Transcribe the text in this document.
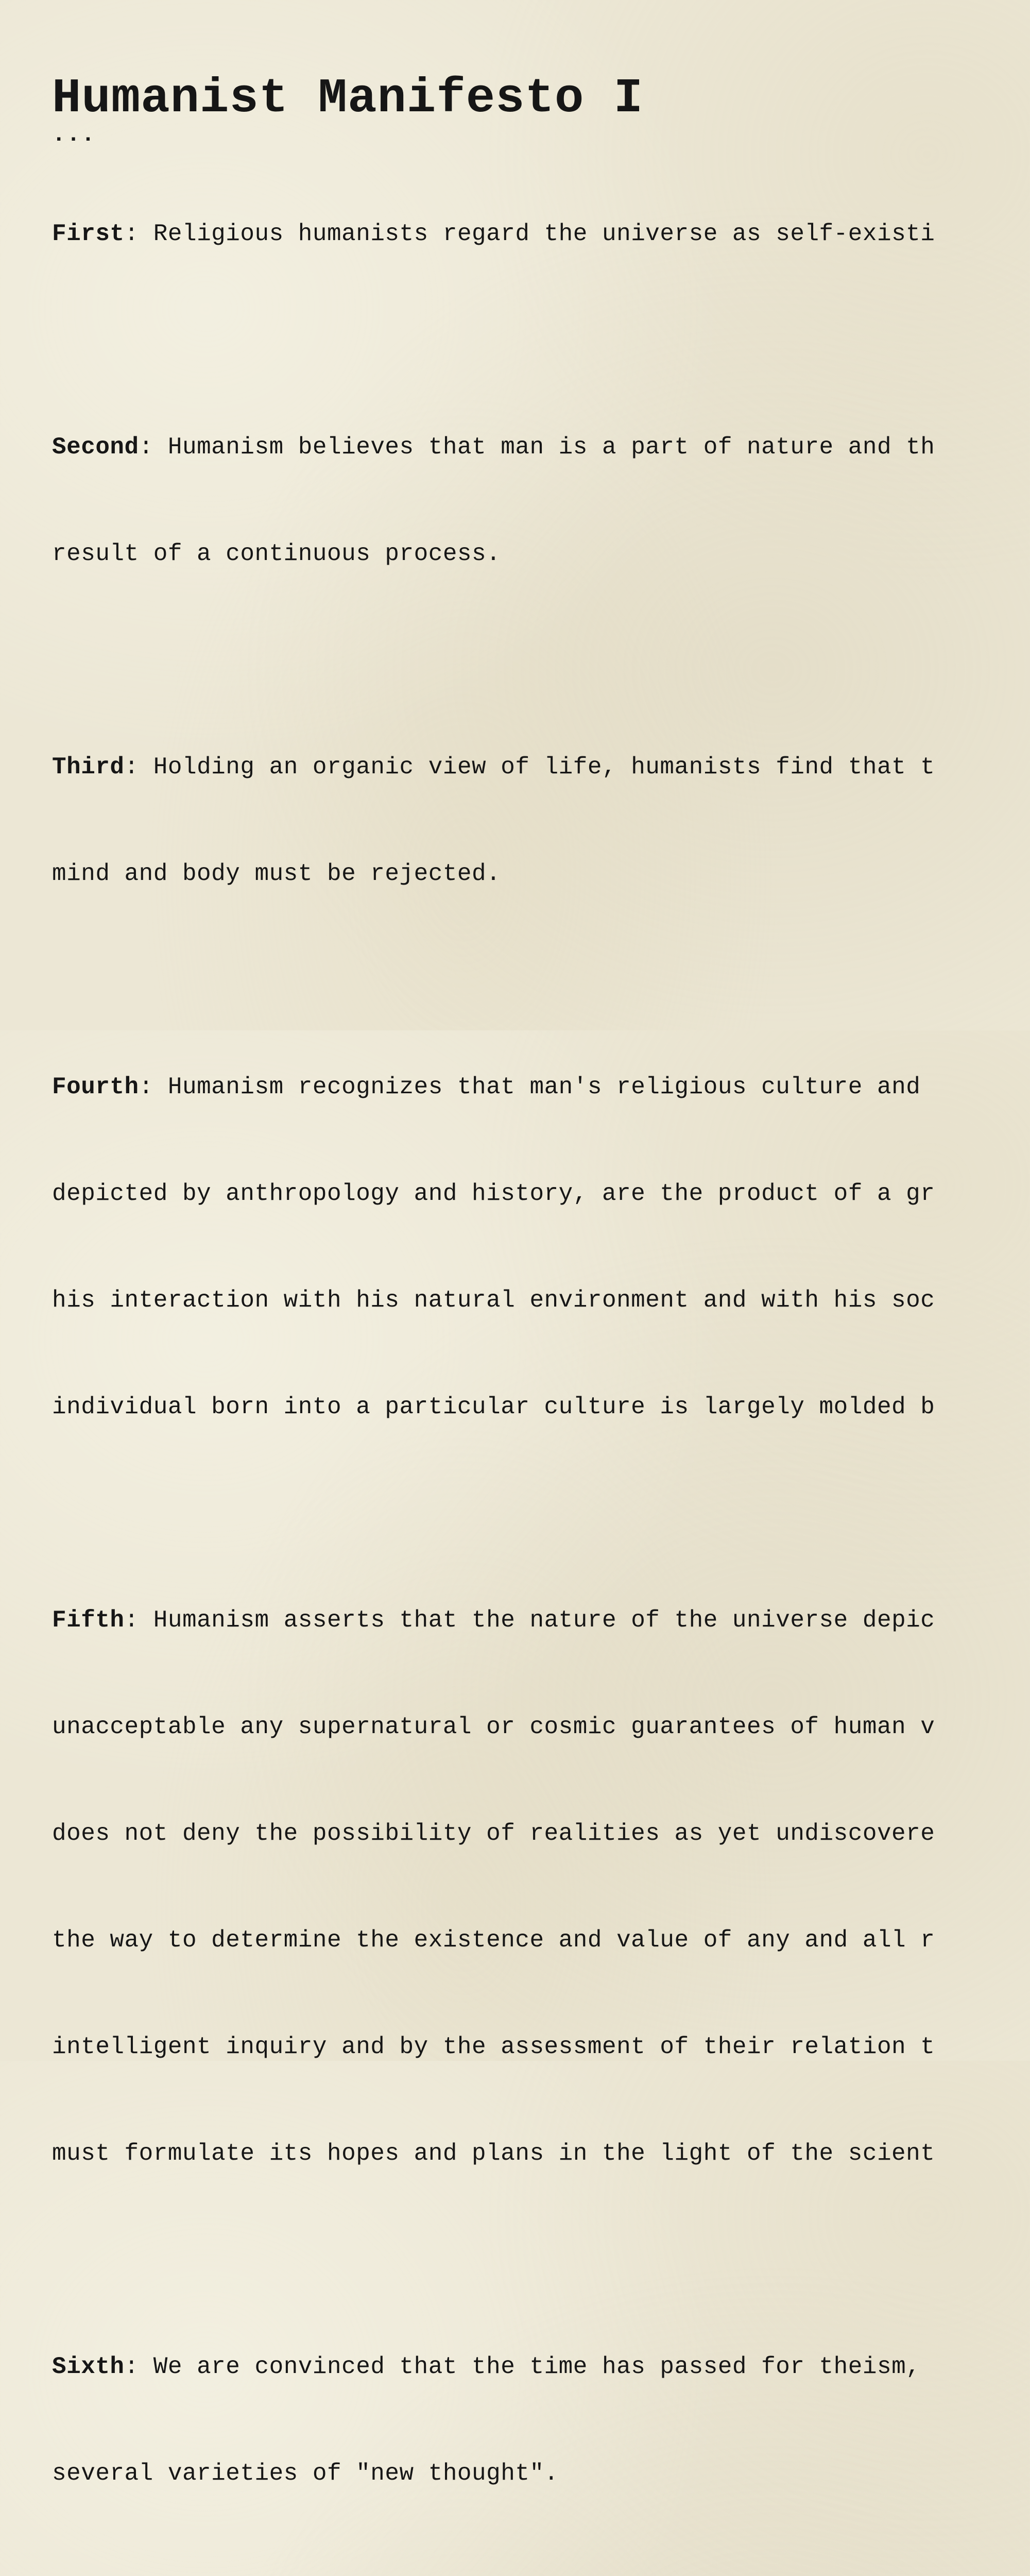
Humanist Manifesto I
...

First: Religious humanists regard the universe as self-existi

Second: Humanism believes that man is a part of nature and th

result of a continuous process.

Third: Holding an organic view of life, humanists find that t

mind and body must be rejected.

Fourth: Humanism recognizes that man's religious culture and

depicted by anthropology and history, are the product of a gr

his interaction with his natural environment and with his soc

individual born into a particular culture is largely molded b

Fifth: Humanism asserts that the nature of the universe depic

unacceptable any supernatural or cosmic guarantees of human v

does not deny the possibility of realities as yet undiscovere

the way to determine the existence and value of any and all r

intelligent inquiry and by the assessment of their relation t

must formulate its hopes and plans in the light of the scient

Sixth: We are convinced that the time has passed for theism,

several varieties of "new thought".
